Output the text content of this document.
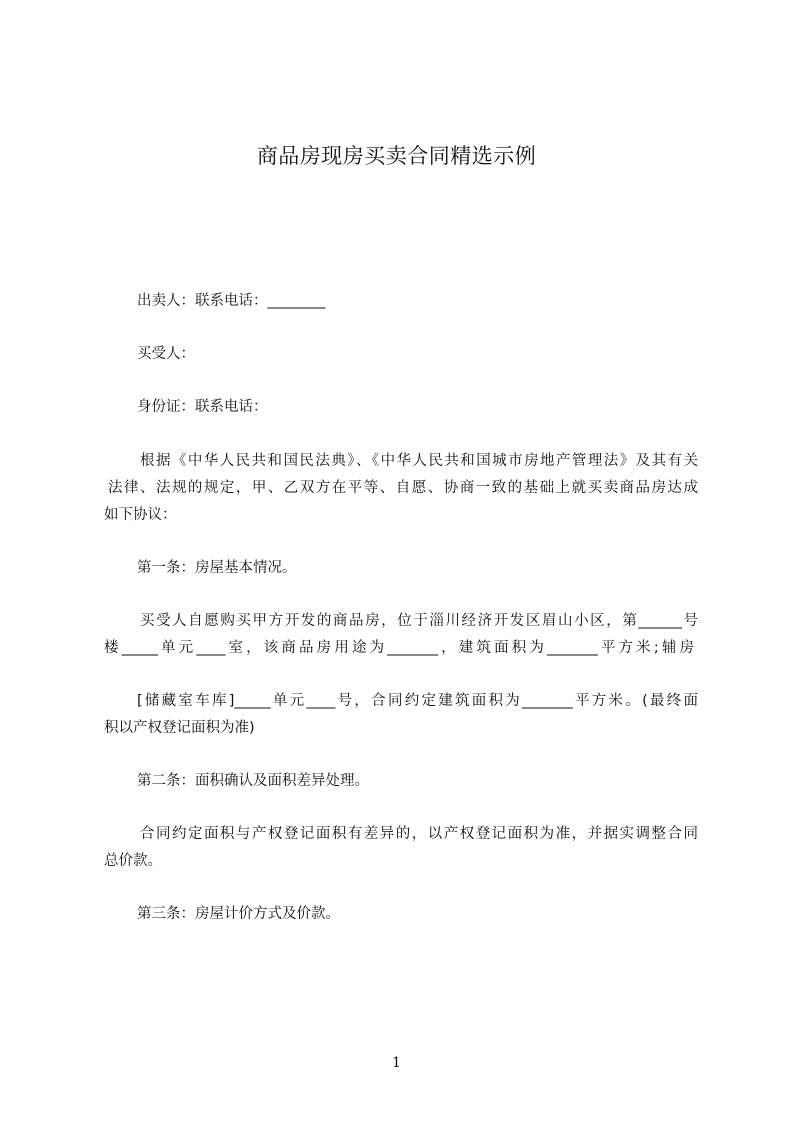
商品房现房买卖合同精选示例
出卖人：联系电话：________
买受人：
身份证：联系电话：
根据《中华人民共和国民法典》、《中华人民共和国城市房地产管理法》及其有关
法律、法规的规定，甲、乙双方在平等、自愿、协商一致的基础上就买卖商品房达成
如下协议：
第一条：房屋基本情况。
买受人自愿购买甲方开发的商品房，位于淄川经济开发区眉山小区，第______号
楼_____单元____室，该商品房用途为_______，建筑面积为_______平方米;辅房
[储藏室车库]_____单元____号，合同约定建筑面积为_______平方米。(最终面
积以产权登记面积为准)
第二条：面积确认及面积差异处理。
合同约定面积与产权登记面积有差异的，以产权登记面积为准，并据实调整合同
总价款。
第三条：房屋计价方式及价款。
1
